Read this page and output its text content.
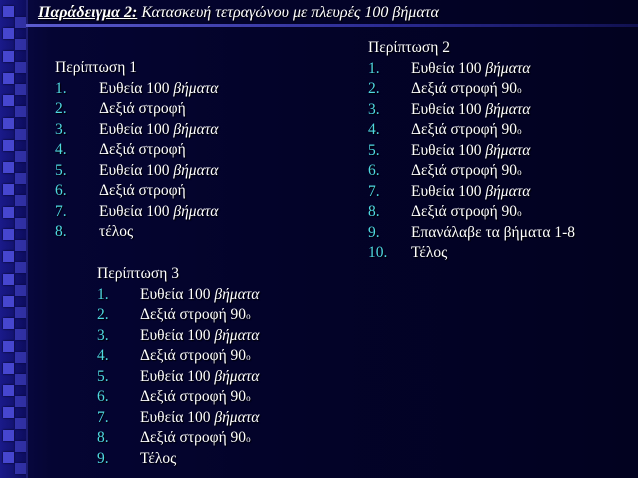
Παράδειγμα 2: Κατασκευή τετραγώνου με πλευρές 100 βήματα
Περίπτωση 1
1. Ευθεία 100 βήματα
2. Δεξιά στροφή
3. Ευθεία 100 βήματα
4. Δεξιά στροφή
5. Ευθεία 100 βήματα
6. Δεξιά στροφή
7. Ευθεία 100 βήματα
8. τέλος
Περίπτωση 2
1. Ευθεία 100 βήματα
2. Δεξιά στροφή $90^o$
3. Ευθεία 100 βήματα
4. Δεξιά στροφή $90^o$
5. Ευθεία 100 βήματα
6. Δεξιά στροφή $90^o$
7. Ευθεία 100 βήματα
8. Δεξιά στροφή $90^o$
9. Επανάλαβε τα βήματα 1-8
10. Τέλος
Περίπτωση 3
1. Ευθεία 100 βήματα
2. Δεξιά στροφή $90^o$
3. Ευθεία 100 βήματα
4. Δεξιά στροφή $90^o$
5. Ευθεία 100 βήματα
6. Δεξιά στροφή $90^o$
7. Ευθεία 100 βήματα
8. Δεξιά στροφή $90^o$
9. Τέλος
